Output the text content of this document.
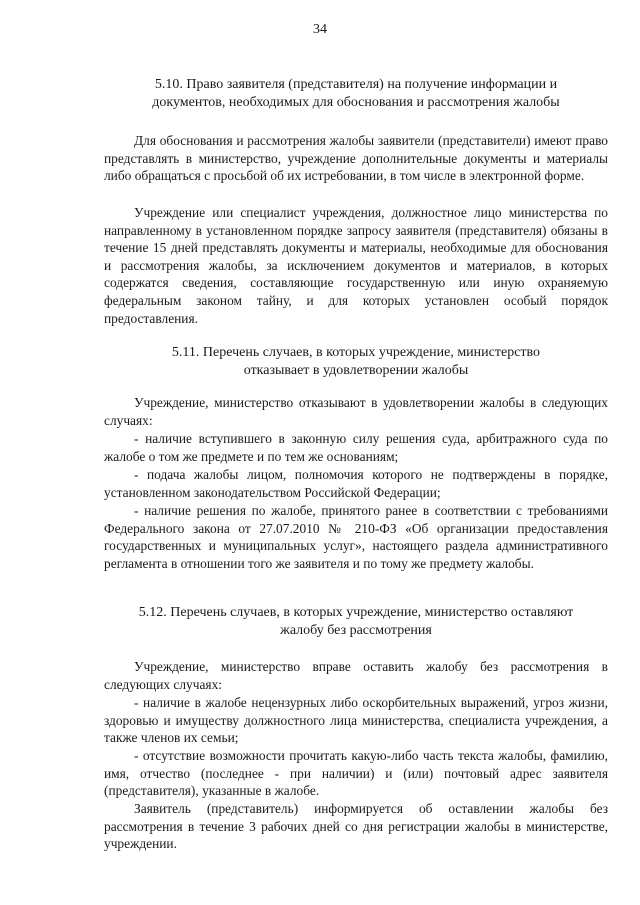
34
5.10. Право заявителя (представителя) на получение информации и
документов, необходимых для обоснования и рассмотрения жалобы
Для обоснования и рассмотрения жалобы заявители (представители) имеют право представлять в министерство, учреждение дополнительные документы и материалы либо обращаться с просьбой об их истребовании, в том числе в электронной форме.
Учреждение или специалист учреждения, должностное лицо министерства по направленному в установленном порядке запросу заявителя (представителя) обязаны в течение 15 дней представлять документы и материалы, необходимые для обоснования и рассмотрения жалобы, за исключением документов и материалов, в которых содержатся сведения, составляющие государственную или иную охраняемую федеральным законом тайну, и для которых установлен особый порядок предоставления.
5.11. Перечень случаев, в которых учреждение, министерство
отказывает в удовлетворении жалобы
Учреждение, министерство отказывают в удовлетворении жалобы в следующих случаях:
- наличие вступившего в законную силу решения суда, арбитражного суда по жалобе о том же предмете и по тем же основаниям;
- подача жалобы лицом, полномочия которого не подтверждены в порядке, установленном законодательством Российской Федерации;
- наличие решения по жалобе, принятого ранее в соответствии с требованиями Федерального закона от 27.07.2010 № 210-ФЗ «Об организации предоставления государственных и муниципальных услуг», настоящего раздела административного регламента в отношении того же заявителя и по тому же предмету жалобы.
5.12. Перечень случаев, в которых учреждение, министерство оставляют
жалобу без рассмотрения
Учреждение, министерство вправе оставить жалобу без рассмотрения в следующих случаях:
- наличие в жалобе нецензурных либо оскорбительных выражений, угроз жизни, здоровью и имуществу должностного лица министерства, специалиста учреждения, а также членов их семьи;
- отсутствие возможности прочитать какую-либо часть текста жалобы, фамилию, имя, отчество (последнее - при наличии) и (или) почтовый адрес заявителя (представителя), указанные в жалобе.
Заявитель (представитель) информируется об оставлении жалобы без рассмотрения в течение 3 рабочих дней со дня регистрации жалобы в министерстве, учреждении.
